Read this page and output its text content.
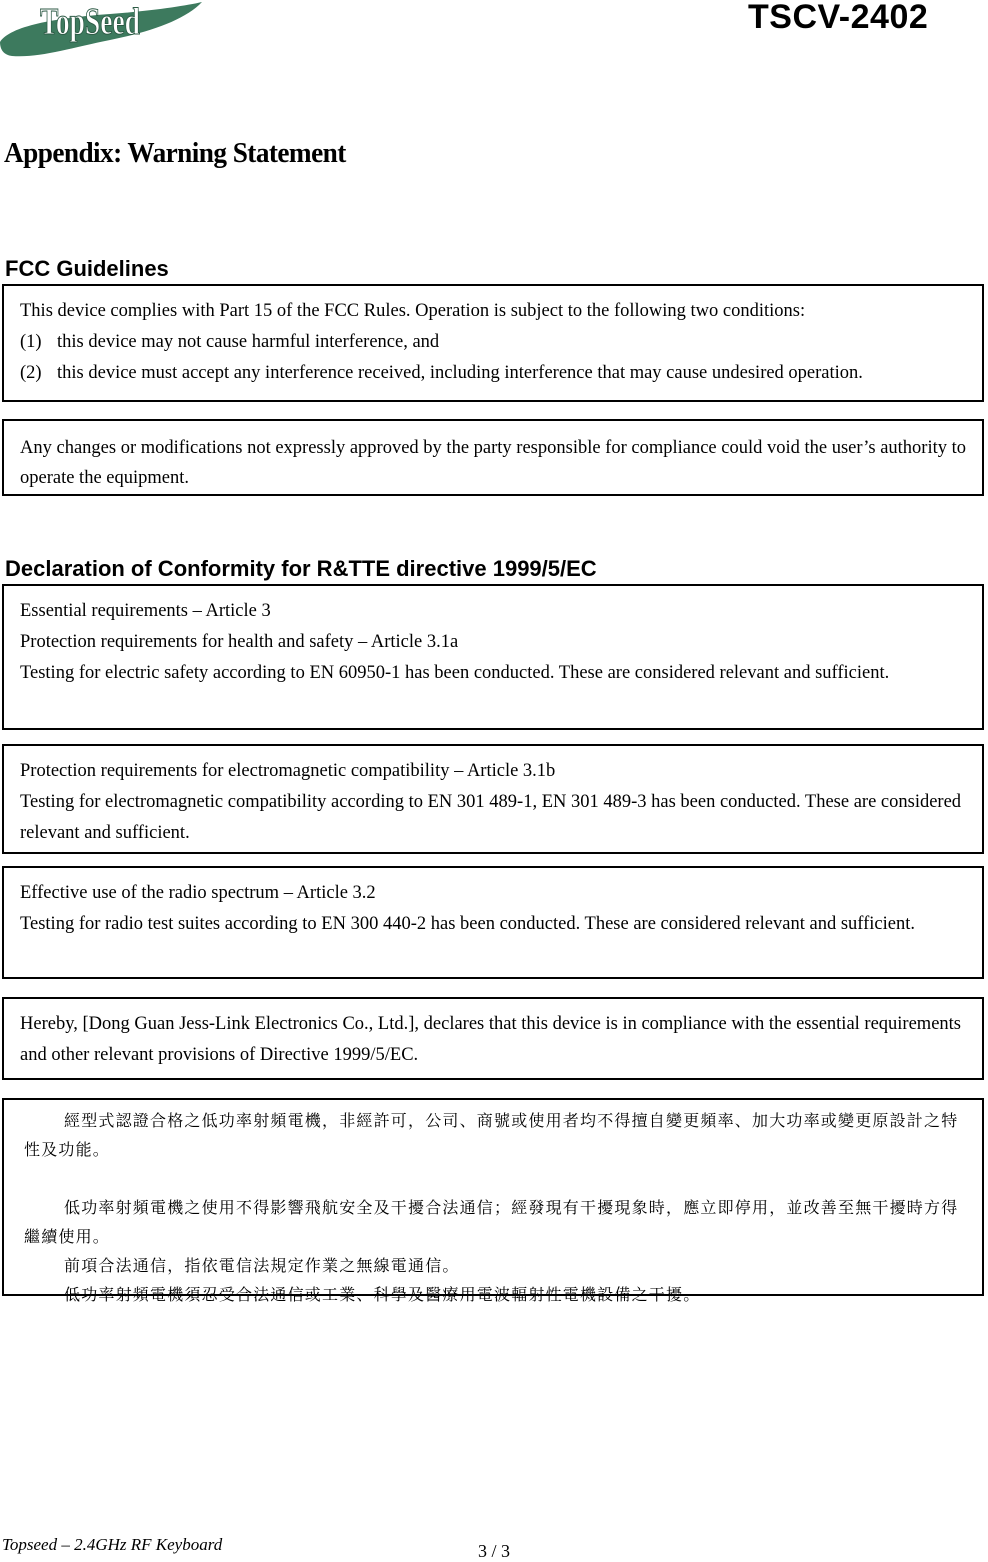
TopSeed	TSCV-2402
Appendix: Warning Statement
FCC Guidelines

This device complies with Part 15 of the FCC Rules. Operation is subject to the following two conditions:

(1) this device may not cause harmful interference, and
(2) this device must accept any interference received, including interference that may cause undesired operation.

Any changes or modifications not expressly approved by the party responsible for compliance could void the user’s authority to operate the equipment.

Declaration of Conformity for R&TTE directive 1999/5/EC

Essential requirements – Article 3

Protection requirements for health and safety – Article 3.1a

Testing for electric safety according to EN 60950-1 has been conducted. These are considered relevant and sufficient.

Protection requirements for electromagnetic compatibility – Article 3.1b

Testing for electromagnetic compatibility according to EN 301 489-1, EN 301 489-3 has been conducted. These are considered relevant and sufficient.

Effective use of the radio spectrum – Article 3.2

Testing for radio test suites according to EN 300 440-2 has been conducted. These are considered relevant and sufficient.

Hereby, [Dong Guan Jess-Link Electronics Co., Ltd.], declares that this device is in compliance with the essential requirements and other relevant provisions of Directive 1999/5/EC.

經型式認證合格之低功率射頻電機，非經許可，公司、商號或使用者均不得擅自變更頻率、加大功率或變更原設計之特性及功能。

低功率射頻電機之使用不得影響飛航安全及干擾合法通信；經發現有干擾現象時，應立即停用，並改善至無干擾時方得繼續使用。

前項合法通信，指依電信法規定作業之無線電通信。

低功率射頻電機須忍受合法通信或工業、科學及醫療用電波輻射性電機設備之干擾。

Topseed – 2.4GHz RF Keyboard	3 / 3
